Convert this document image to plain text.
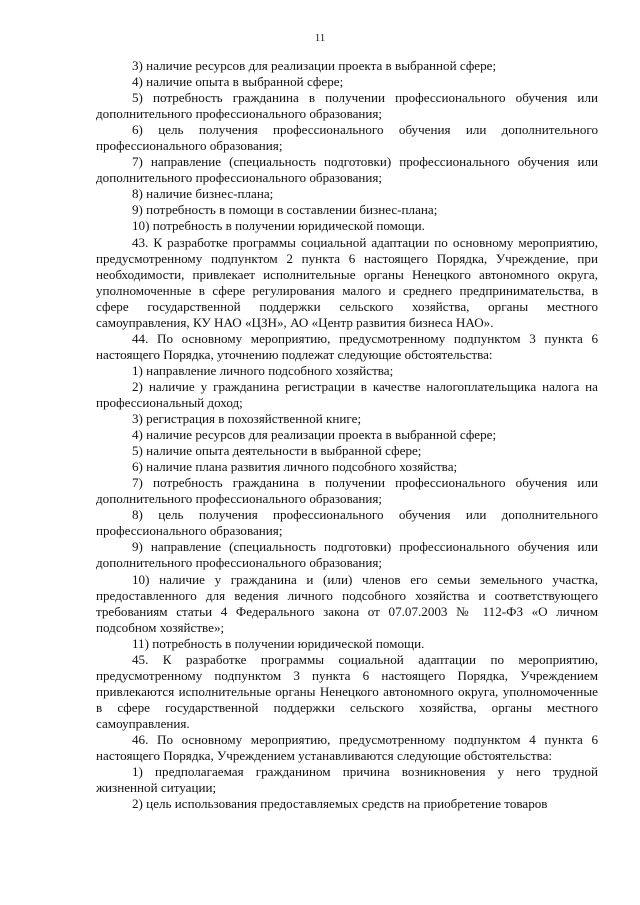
11

3) наличие ресурсов для реализации проекта в выбранной сфере;

4) наличие опыта в выбранной сфере;

5) потребность гражданина в получении профессионального обучения или дополнительного профессионального образования;

6) цель получения профессионального обучения или дополнительного профессионального образования;

7) направление (специальность подготовки) профессионального обучения или дополнительного профессионального образования;

8) наличие бизнес-плана;

9) потребность в помощи в составлении бизнес-плана;

10) потребность в получении юридической помощи.

43. К разработке программы социальной адаптации по основному мероприятию, предусмотренному подпунктом 2 пункта 6 настоящего Порядка, Учреждение, при необходимости, привлекает исполнительные органы Ненецкого автономного округа, уполномоченные в сфере регулирования малого и среднего предпринимательства, в сфере государственной поддержки сельского хозяйства, органы местного самоуправления, КУ НАО «ЦЗН», АО «Центр развития бизнеса НАО».

44. По основному мероприятию, предусмотренному подпунктом 3 пункта 6 настоящего Порядка, уточнению подлежат следующие обстоятельства:

1) направление личного подсобного хозяйства;

2) наличие у гражданина регистрации в качестве налогоплательщика налога на профессиональный доход;

3) регистрация в похозяйственной книге;

4) наличие ресурсов для реализации проекта в выбранной сфере;

5) наличие опыта деятельности в выбранной сфере;

6) наличие плана развития личного подсобного хозяйства;

7) потребность гражданина в получении профессионального обучения или дополнительного профессионального образования;

8) цель получения профессионального обучения или дополнительного профессионального образования;

9) направление (специальность подготовки) профессионального обучения или дополнительного профессионального образования;

10) наличие у гражданина и (или) членов его семьи земельного участка, предоставленного для ведения личного подсобного хозяйства и соответствующего требованиям статьи 4 Федерального закона от 07.07.2003 № 112-ФЗ «О личном подсобном хозяйстве»;

11) потребность в получении юридической помощи.

45. К разработке программы социальной адаптации по мероприятию, предусмотренному подпунктом 3 пункта 6 настоящего Порядка, Учреждением привлекаются исполнительные органы Ненецкого автономного округа, уполномоченные в сфере государственной поддержки сельского хозяйства, органы местного самоуправления.

46. По основному мероприятию, предусмотренному подпунктом 4 пункта 6 настоящего Порядка, Учреждением устанавливаются следующие обстоятельства:

1) предполагаемая гражданином причина возникновения у него трудной жизненной ситуации;

2) цель использования предоставляемых средств на приобретение товаров
